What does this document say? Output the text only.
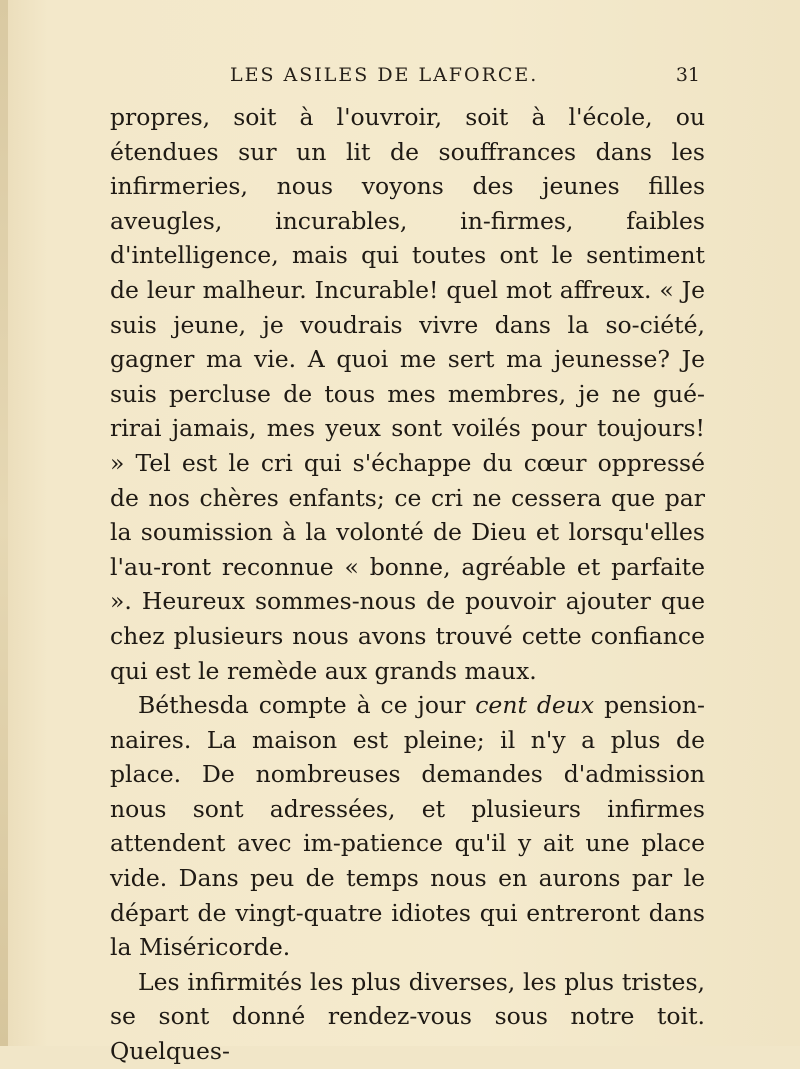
LES ASILES DE LAFORCE.	31

propres, soit à l'ouvroir, soit à l'école, ou étendues sur un lit de souffrances dans les infirmeries, nous voyons des jeunes filles aveugles, incurables, in-firmes, faibles d'intelligence, mais qui toutes ont le sentiment de leur malheur. Incurable! quel mot affreux. « Je suis jeune, je voudrais vivre dans la so-ciété, gagner ma vie. A quoi me sert ma jeunesse? Je suis percluse de tous mes membres, je ne gué-rirai jamais, mes yeux sont voilés pour toujours! » Tel est le cri qui s'échappe du cœur oppressé de nos chères enfants; ce cri ne cessera que par la soumission à la volonté de Dieu et lorsqu'elles l'au-ront reconnue « bonne, agréable et parfaite ». Heureux sommes-nous de pouvoir ajouter que chez plusieurs nous avons trouvé cette confiance qui est le remède aux grands maux.

Béthesda compte à ce jour cent deux pension-naires. La maison est pleine; il n'y a plus de place. De nombreuses demandes d'admission nous sont adressées, et plusieurs infirmes attendent avec im-patience qu'il y ait une place vide. Dans peu de temps nous en aurons par le départ de vingt-quatre idiotes qui entreront dans la Miséricorde.

Les infirmités les plus diverses, les plus tristes, se sont donné rendez-vous sous notre toit. Quelques-
